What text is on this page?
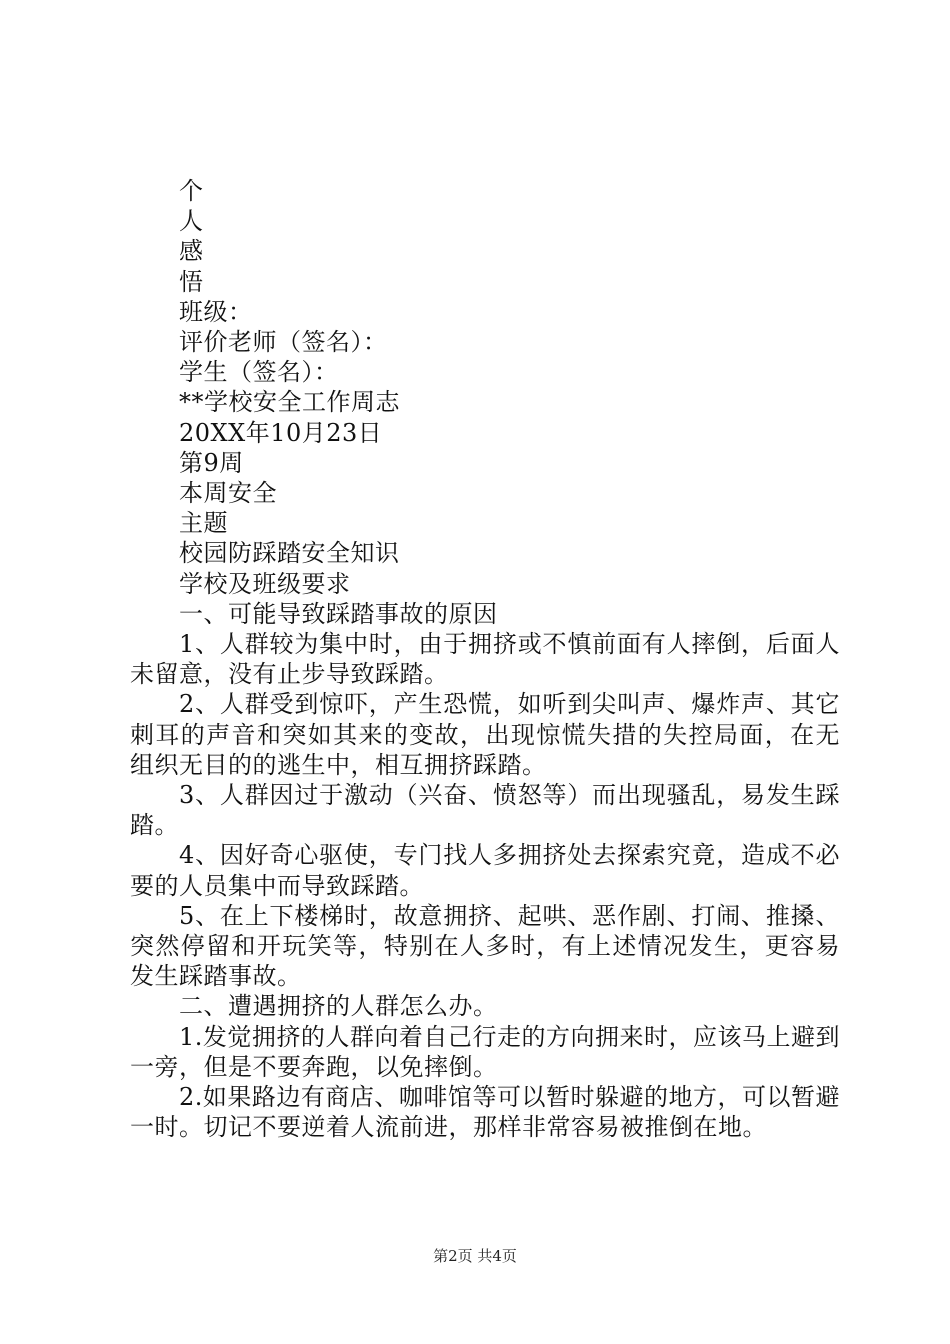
个
人
感
悟
班级：
评价老师（签名）：
学生（签名）：
**学校安全工作周志
20XX年10月23日
第9周
本周安全
主题
校园防踩踏安全知识
学校及班级要求
一、可能导致踩踏事故的原因

1、人群较为集中时，由于拥挤或不慎前面有人摔倒，后面人未留意，没有止步导致踩踏。

2、人群受到惊吓，产生恐慌，如听到尖叫声、爆炸声、其它刺耳的声音和突如其来的变故，出现惊慌失措的失控局面，在无组织无目的的逃生中，相互拥挤踩踏。

3、人群因过于激动（兴奋、愤怒等）而出现骚乱，易发生踩踏。

4、因好奇心驱使，专门找人多拥挤处去探索究竟，造成不必要的人员集中而导致踩踏。

5、在上下楼梯时，故意拥挤、起哄、恶作剧、打闹、推搡、突然停留和开玩笑等，特别在人多时，有上述情况发生，更容易发生踩踏事故。

二、遭遇拥挤的人群怎么办。

1.发觉拥挤的人群向着自己行走的方向拥来时，应该马上避到一旁，但是不要奔跑，以免摔倒。

2.如果路边有商店、咖啡馆等可以暂时躲避的地方，可以暂避一时。切记不要逆着人流前进，那样非常容易被推倒在地。

第2页 共4页
